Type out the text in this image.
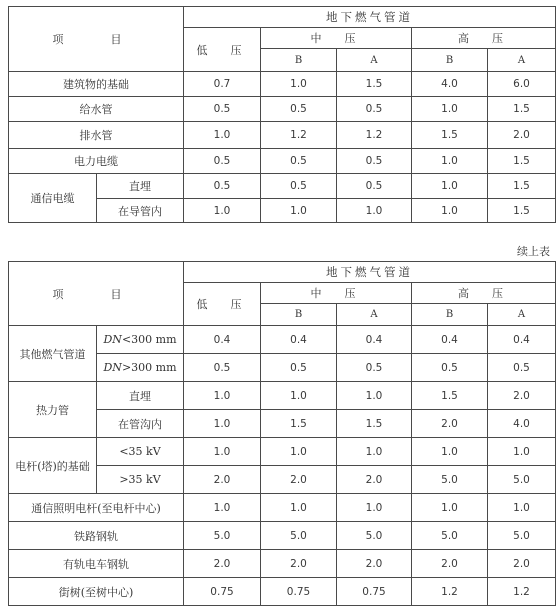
项　目		地下燃气管道				
		低　压	中　压		高　压	
			B	A	B	A
建筑物的基础		0.7	1.0	1.5	4.0	6.0
给水管		0.5	0.5	0.5	1.0	1.5
排水管		1.0	1.2	1.2	1.5	2.0
电力电缆		0.5	0.5	0.5	1.0	1.5
通信电缆	直埋	0.5	0.5	0.5	1.0	1.5
	在导管内	1.0	1.0	1.0	1.0	1.5
续上表
项　目		地下燃气管道				
		低　压	中　压		高　压	
			B	A	B	A
其他燃气管道	DN<300 mm	0.4	0.4	0.4	0.4	0.4
	DN>300 mm	0.5	0.5	0.5	0.5	0.5
热力管	直埋	1.0	1.0	1.0	1.5	2.0
	在管沟内	1.0	1.5	1.5	2.0	4.0
电杆(塔)的基础	<35 kV	1.0	1.0	1.0	1.0	1.0
	>35 kV	2.0	2.0	2.0	5.0	5.0
通信照明电杆(至电杆中心)		1.0	1.0	1.0	1.0	1.0
铁路钢轨		5.0	5.0	5.0	5.0	5.0
有轨电车钢轨		2.0	2.0	2.0	2.0	2.0
街树(至树中心)		0.75	0.75	0.75	1.2	1.2
